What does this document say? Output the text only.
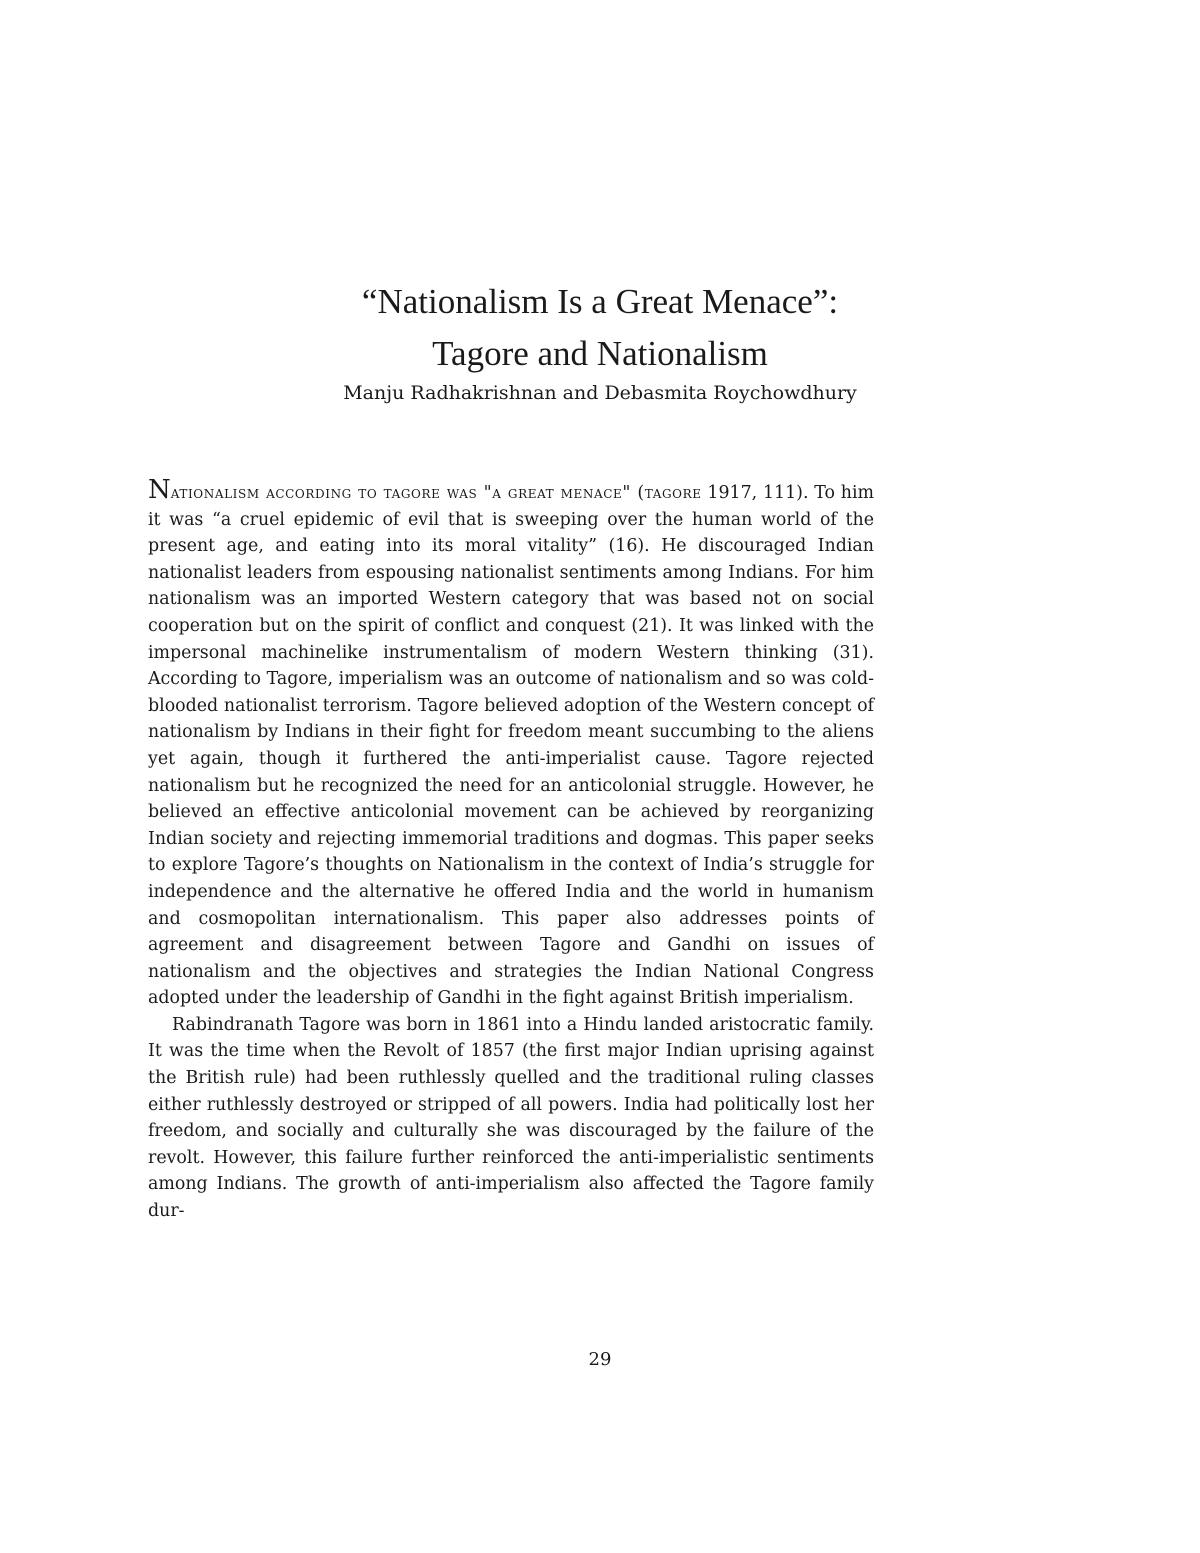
“Nationalism Is a Great Menace”:
Tagore and Nationalism
Manju Radhakrishnan and Debasmita Roychowdhury

Nationalism according to tagore was "a great menace" (tagore 1917, 111). To him it was “a cruel epidemic of evil that is sweeping over the human world of the present age, and eating into its moral vitality” (16). He discouraged Indian nationalist leaders from espousing nationalist sentiments among Indians. For him nationalism was an imported Western category that was based not on social cooperation but on the spirit of conflict and conquest (21). It was linked with the impersonal machinelike instrumentalism of modern Western thinking (31). According to Tagore, imperialism was an outcome of nationalism and so was cold-blooded nationalist terrorism. Tagore believed adoption of the Western concept of nationalism by Indians in their fight for freedom meant succumbing to the aliens yet again, though it furthered the anti-imperialist cause. Tagore rejected nationalism but he recognized the need for an anticolonial struggle. However, he believed an effective anticolonial movement can be achieved by reorganizing Indian society and rejecting immemorial traditions and dogmas. This paper seeks to explore Tagore’s thoughts on Nationalism in the context of India’s struggle for independence and the alternative he offered India and the world in humanism and cosmopolitan internationalism. This paper also addresses points of agreement and disagreement between Tagore and Gandhi on issues of nationalism and the objectives and strategies the Indian National Congress adopted under the leadership of Gandhi in the fight against British imperialism.

Rabindranath Tagore was born in 1861 into a Hindu landed aristocratic family. It was the time when the Revolt of 1857 (the first major Indian uprising against the British rule) had been ruthlessly quelled and the traditional ruling classes either ruthlessly destroyed or stripped of all powers. India had politically lost her freedom, and socially and culturally she was discouraged by the failure of the revolt. However, this failure further reinforced the anti-imperialistic sentiments among Indians. The growth of anti-imperialism also affected the Tagore family dur-

29
